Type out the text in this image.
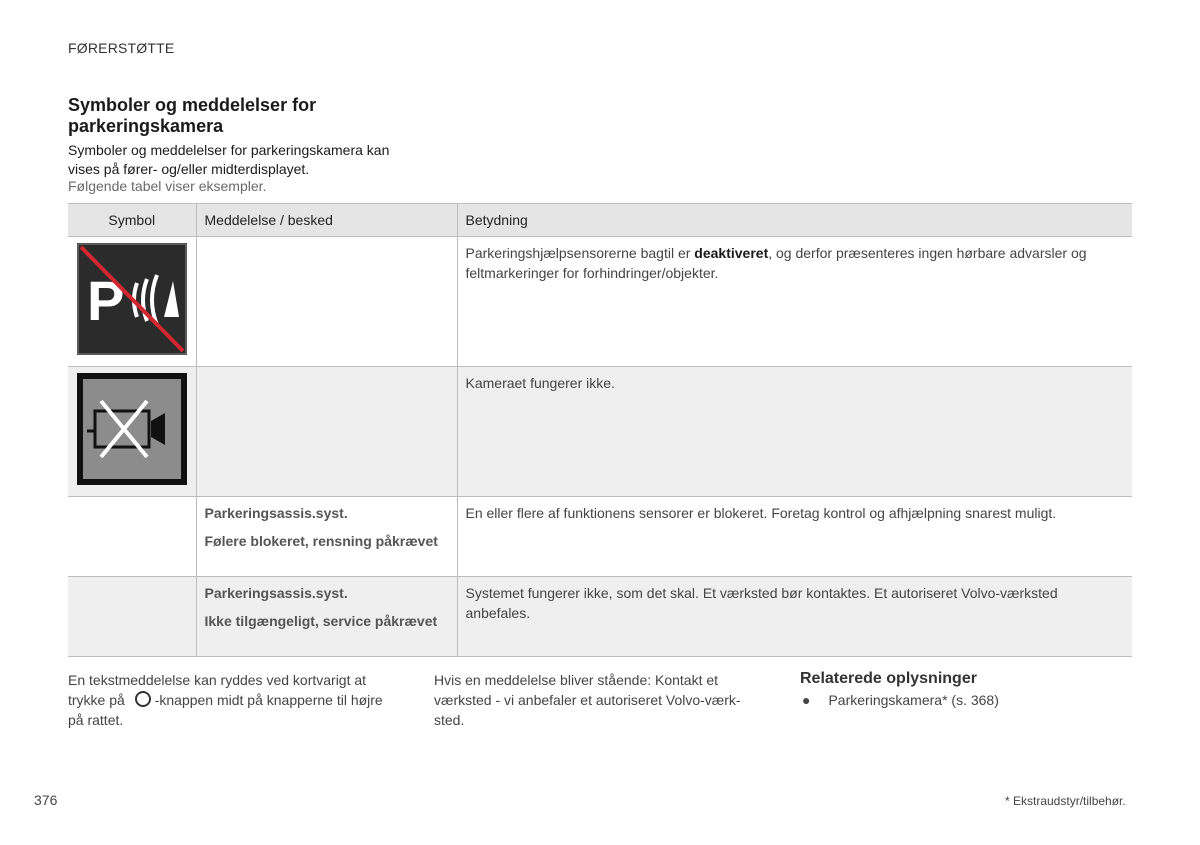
FØRERSTØTTE
Symboler og meddelelser for parkeringskamera
Symboler og meddelelser for parkeringskamera kan vises på fører- og/eller midterdisplayet.
Følgende tabel viser eksempler.
Symbol	Meddelelse / besked	Betydning

P		Parkeringshjælpsensorerne bagtil er deaktiveret, og derfor præsenteres ingen hørbare advarsler og feltmarkeringer for forhindringer/objekter.
		Kameraet fungerer ikke.

	Parkeringsassis.syst.
Følere blokeret, rensning påkrævet	En eller flere af funktionens sensorer er blokeret. Foretag kontrol og afhjælpning snarest muligt.

	Parkeringsassis.syst.
Ikke tilgængeligt, service påkrævet	Systemet fungerer ikke, som det skal. Et værksted bør kontaktes. Et autoriseret Volvo-værksted anbefales.
En tekstmeddelelse kan ryddes ved kortvarigt at trykke på -knappen midt på knapperne til højre på rattet.
Hvis en meddelelse bliver stående: Kontakt et værksted - vi anbefaler et autoriseret Volvo-værk- sted.
Relaterede oplysninger
● Parkeringskamera* (s. 368)
376	* Ekstraudstyr/tilbehør.
